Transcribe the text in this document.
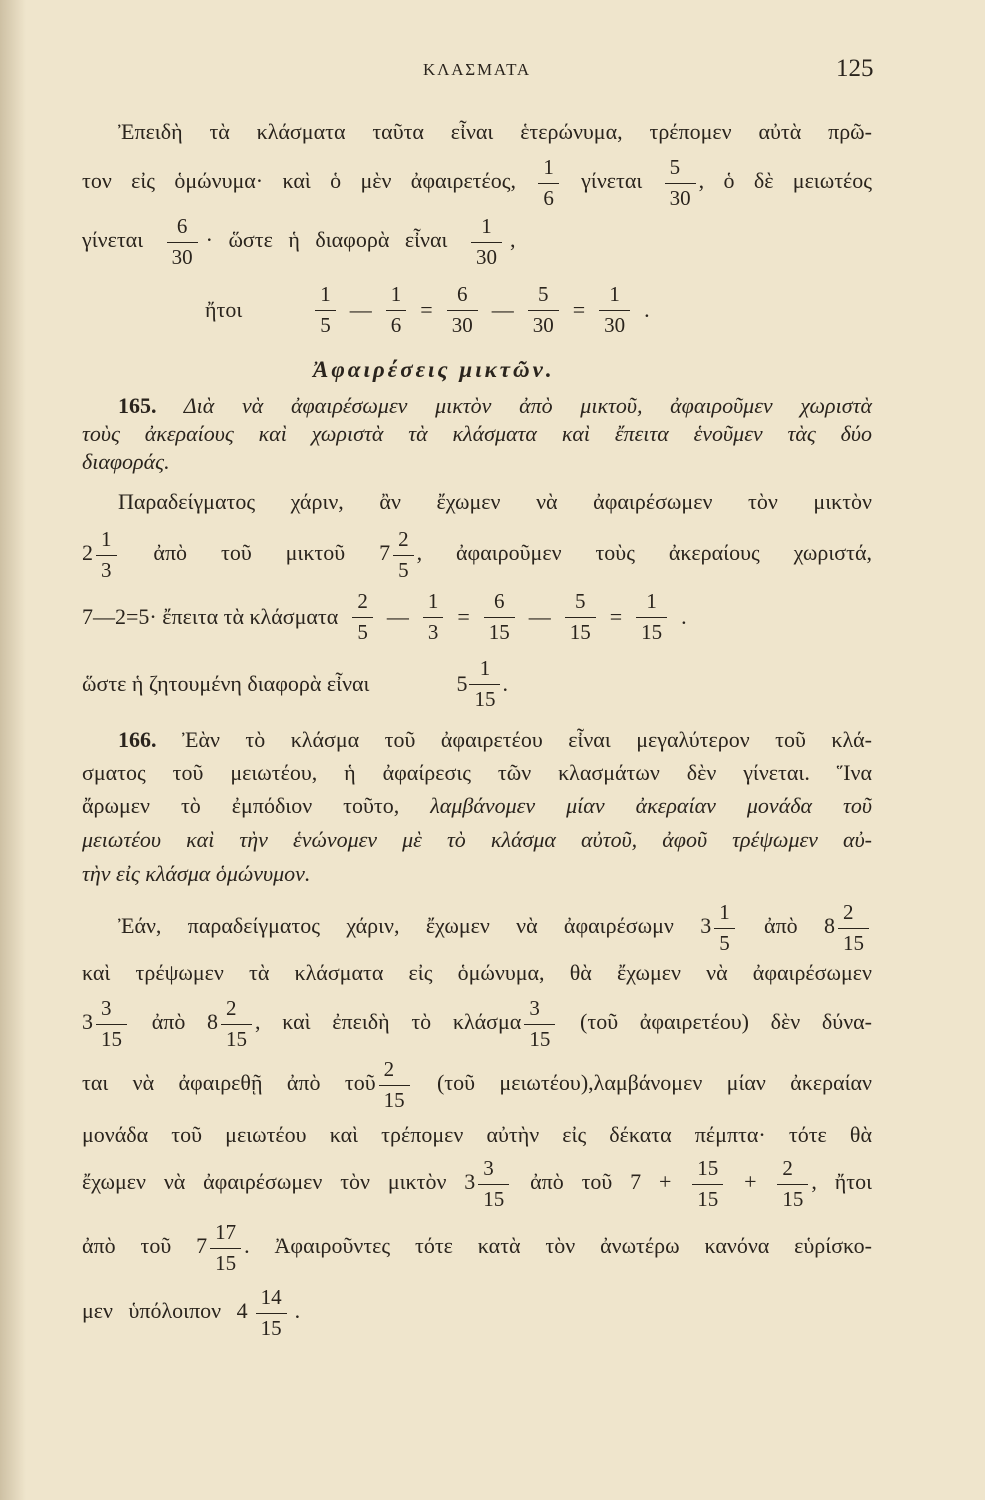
ΚΛΑΣΜΑΤΑ	125
Ἀφαιρέσεις μικτῶν.
Ἐπειδὴ τὰ κλάσματα ταῦτα εἶναι ἑτερώνυμα, τρέπομεν αὐτὰ πρῶ-
τον εἰς ὁμώνυμα· καὶ ὁ μὲν ἀφαιρετέος, $\frac{1}{6}$ γίνεται $\frac{5}{30}$ , ὁ δὲ μειωτέος
γίνεται $\frac{6}{30}$ · ὥστε ἡ διαφορὰ εἶναι $\frac{1}{30}$ ,
ἤτοι	$\frac{1}{5}$ — $\frac{1}{6} = \frac{6}{30}$ — $\frac{5}{30} = \frac{1}{30}$ .
165. Διὰ νὰ ἀφαιρέσωμεν μικτὸν ἀπὸ μικτοῦ, ἀφαιροῦμεν χωριστὰ
τοὺς ἀκεραίους καὶ χωριστὰ τὰ κλάσματα καὶ ἔπειτα ἑνοῦμεν τὰς δύο
διαφοράς.
Παραδείγματος χάριν, ἂν ἔχωμεν νὰ ἀφαιρέσωμεν τὸν μικτὸν
$2 \frac{1}{3}$ ἀπὸ τοῦ μικτοῦ $7 \frac{2}{5}$ , ἀφαιροῦμεν τοὺς ἀκεραίους χωριστά,
7—2=5· ἔπειτα τὰ κλάσματα $\frac{2}{5}$ — $\frac{1}{3} = \frac{6}{15}$ — $\frac{5}{15} = \frac{1}{15}$ .
ὥστε ἡ ζητουμένη διαφορὰ εἶναι	$5 \frac{1}{15}$ .
166. Ἐὰν τὸ κλάσμα τοῦ ἀφαιρετέου εἶναι μεγαλύτερον τοῦ κλά-
σματος τοῦ μειωτέου, ἡ ἀφαίρεσις τῶν κλασμάτων δὲν γίνεται. Ἵνα
ἄρωμεν τὸ ἐμπόδιον τοῦτο, λαμβάνομεν μίαν ἀκεραίαν μονάδα τοῦ
μειωτέου καὶ τὴν ἑνώνομεν μὲ τὸ κλάσμα αὐτοῦ, ἀφοῦ τρέψωμεν αὐ-
τὴν εἰς κλάσμα ὁμώνυμον.
Ἐάν, παραδείγματος χάριν, ἔχωμεν νὰ ἀφαιρέσωμν $3 \frac{1}{5}$ ἀπὸ $8 \frac{2}{15}$
καὶ τρέψωμεν τὰ κλάσματα εἰς ὁμώνυμα, θὰ ἔχωμεν νὰ ἀφαιρέσωμεν
$3 \frac{3}{15}$ ἀπὸ $8 \frac{2}{15}$ , καὶ ἐπειδὴ τὸ κλάσμα $\frac{3}{15}$ (τοῦ ἀφαιρετέου) δὲν δύνα-
ται νὰ ἀφαιρεθῇ ἀπὸ τοῦ $\frac{2}{15}$ (τοῦ μειωτέου),λαμβάνομεν μίαν ἀκεραίαν
μονάδα τοῦ μειωτέου καὶ τρέπομεν αὐτὴν εἰς δέκατα πέμπτα· τότε θὰ
ἔχωμεν νὰ ἀφαιρέσωμεν τὸν μικτὸν $3 \frac{3}{15}$ ἀπὸ τοῦ $7 + \frac{15}{15} + \frac{2}{15}$ , ἤτοι
ἀπὸ τοῦ $7 \frac{17}{15}$ . Ἀφαιροῦντες τότε κατὰ τὸν ἀνωτέρω κανόνα εὑρίσκο-
μεν ὑπόλοιπον $4 \frac{14}{15}$ .
